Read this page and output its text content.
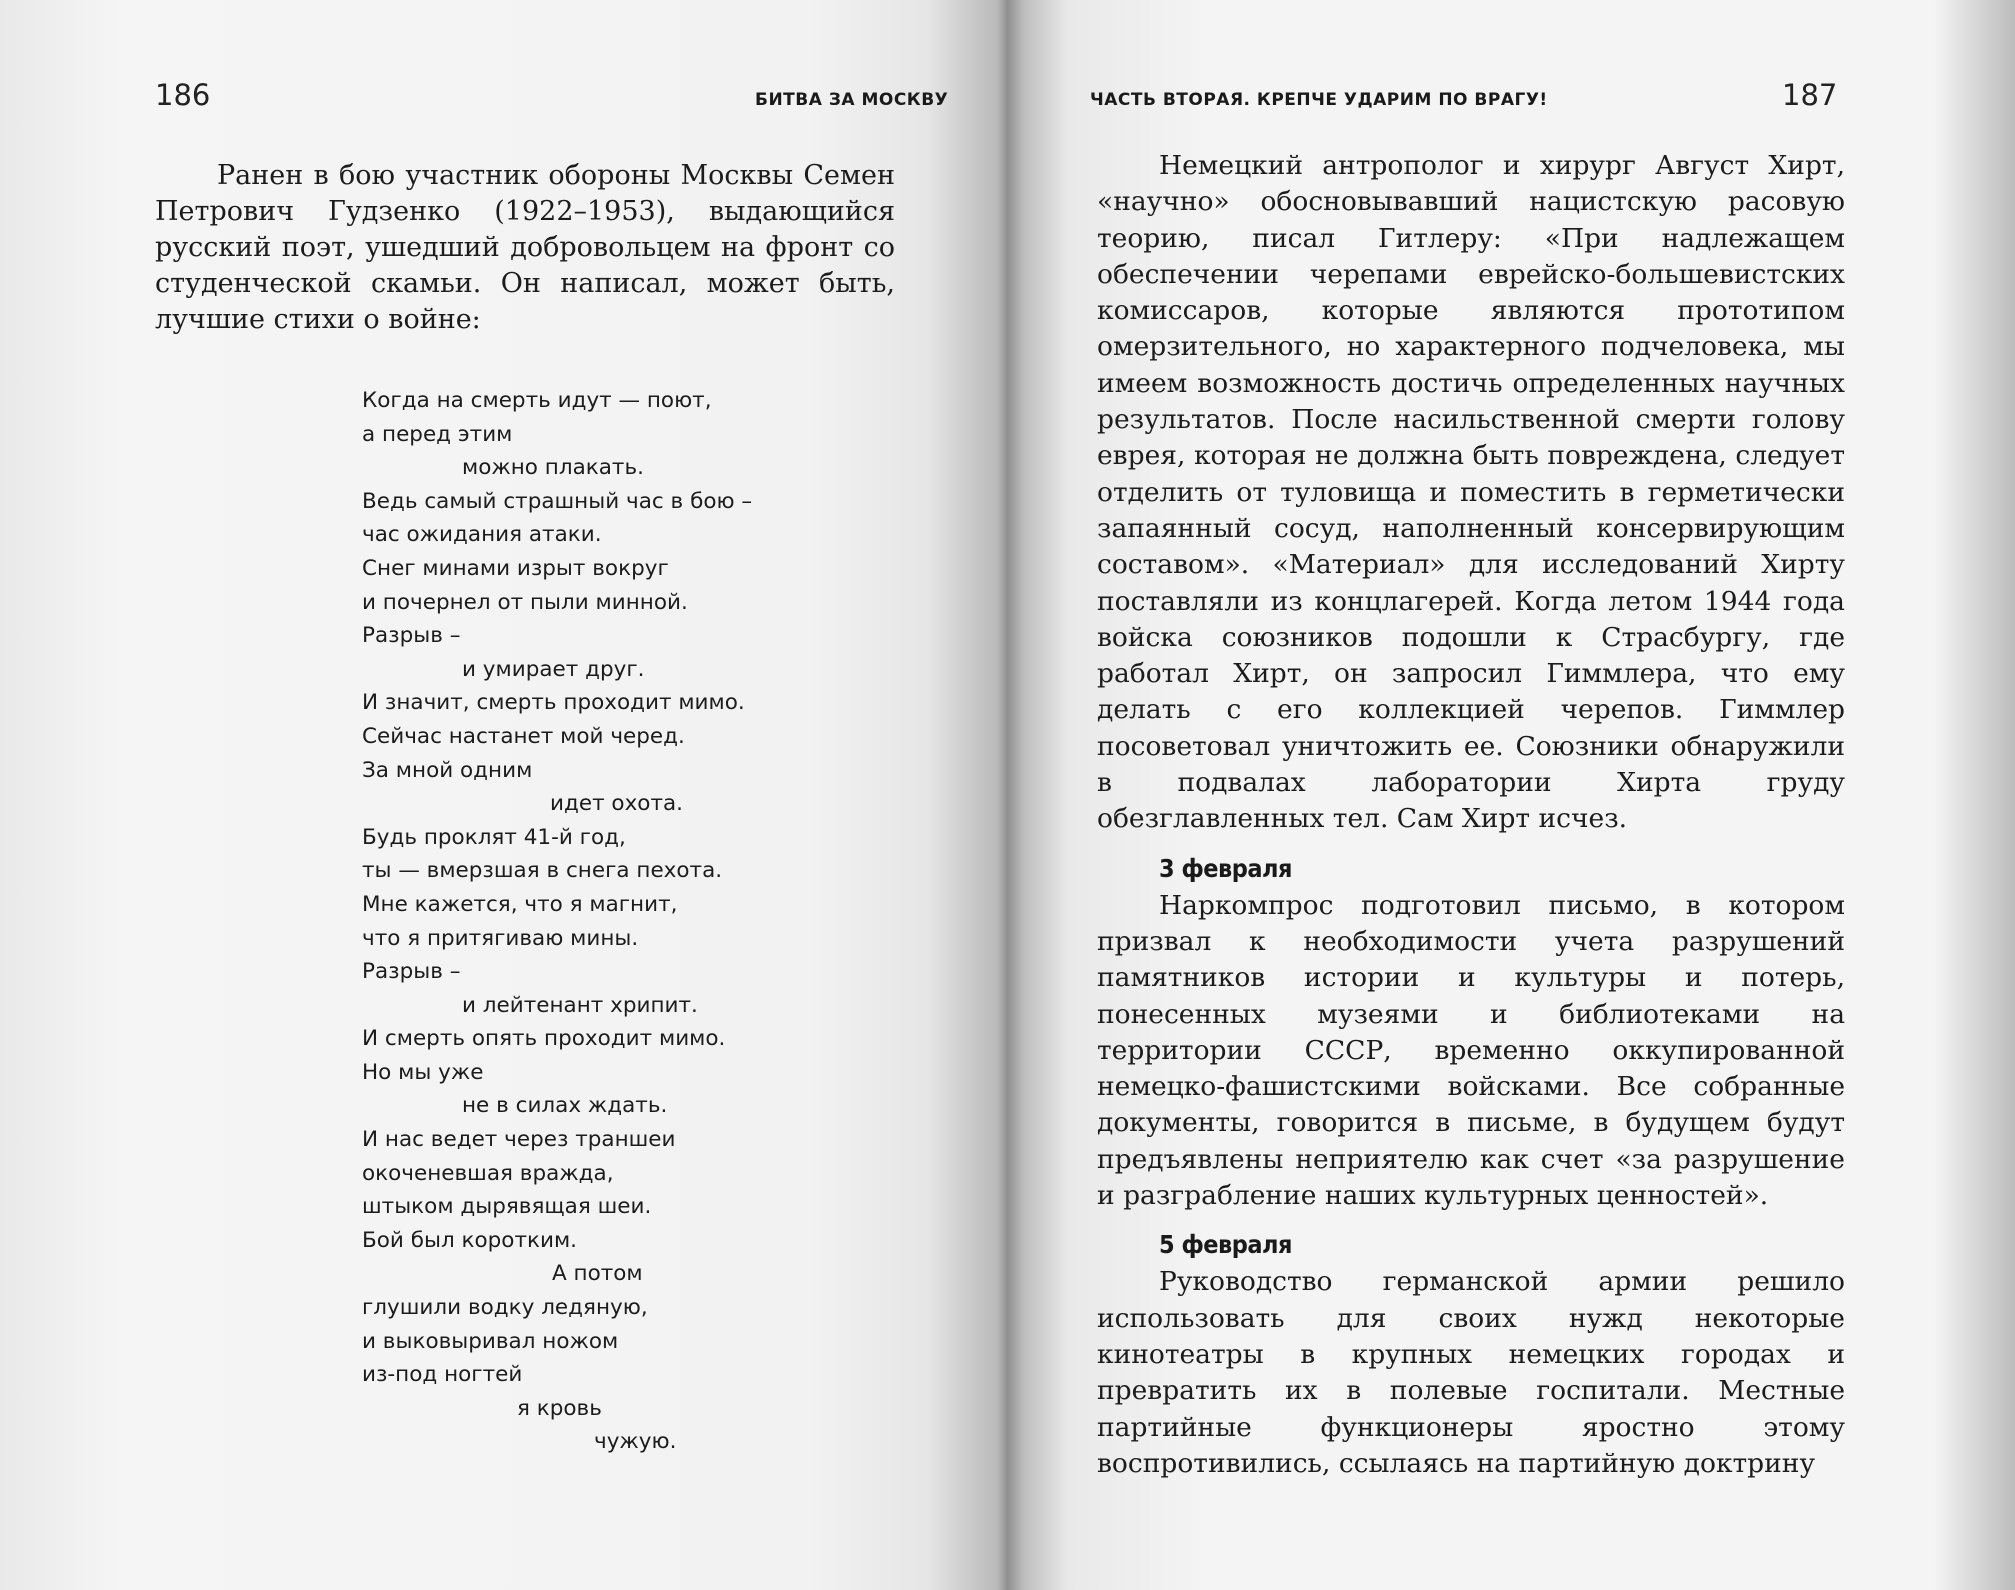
186	БИТВА ЗА МОСКВУ

Ранен в бою участник обороны Москвы Семен Петрович Гудзенко (1922–1953), выдающийся русский поэт, ушедший добровольцем на фронт со студенческой скамьи. Он написал, может быть, лучшие стихи о войне:

Когда на смерть идут — поют,
а перед этим
можно плакать.
Ведь самый страшный час в бою –
час ожидания атаки.
Снег минами изрыт вокруг
и почернел от пыли минной.
Разрыв –
и умирает друг.
И значит, смерть проходит мимо.
Сейчас настанет мой черед.
За мной одним
идет охота.
Будь проклят 41-й год,
ты — вмерзшая в снега пехота.
Мне кажется, что я магнит,
что я притягиваю мины.
Разрыв –
и лейтенант хрипит.
И смерть опять проходит мимо.
Но мы уже
не в силах ждать.
И нас ведет через траншеи
окоченевшая вражда,
штыком дырявящая шеи.
Бой был коротким.
А потом
глушили водку ледяную,
и выковыривал ножом
из-под ногтей
я кровь
чужую.
ЧАСТЬ ВТОРАЯ. КРЕПЧЕ УДАРИМ ПО ВРАГУ!	187

Немецкий антрополог и хирург Август Хирт, «научно» обосновывавший нацистскую расовую теорию, писал Гитлеру: «При надлежащем обеспечении черепами еврейско-большевистских комиссаров, которые являются прототипом омерзительного, но характерного подчеловека, мы имеем возможность достичь определенных научных результатов. После насильственной смерти голову еврея, которая не должна быть повреждена, следует отделить от туловища и поместить в герметически запаянный сосуд, наполненный консервирующим составом». «Материал» для исследований Хирту поставляли из концлагерей. Когда летом 1944 года войска союзников подошли к Страсбургу, где работал Хирт, он запросил Гиммлера, что ему делать с его коллекцией черепов. Гиммлер посоветовал уничтожить ее. Союзники обнаружили в подвалах лаборатории Хирта груду обезглавленных тел. Сам Хирт исчез.

3 февраля

Наркомпрос подготовил письмо, в котором призвал к необходимости учета разрушений памятников истории и культуры и потерь, понесенных музеями и библиотеками на территории СССР, временно оккупированной немецко-фашистскими войсками. Все собранные документы, говорится в письме, в будущем будут предъявлены неприятелю как счет «за разрушение и разграбление наших культурных ценностей».

5 февраля

Руководство германской армии решило использовать для своих нужд некоторые кинотеатры в крупных немецких городах и превратить их в полевые госпитали. Местные партийные функционеры яростно этому воспротивились, ссылаясь на партийную доктрину
